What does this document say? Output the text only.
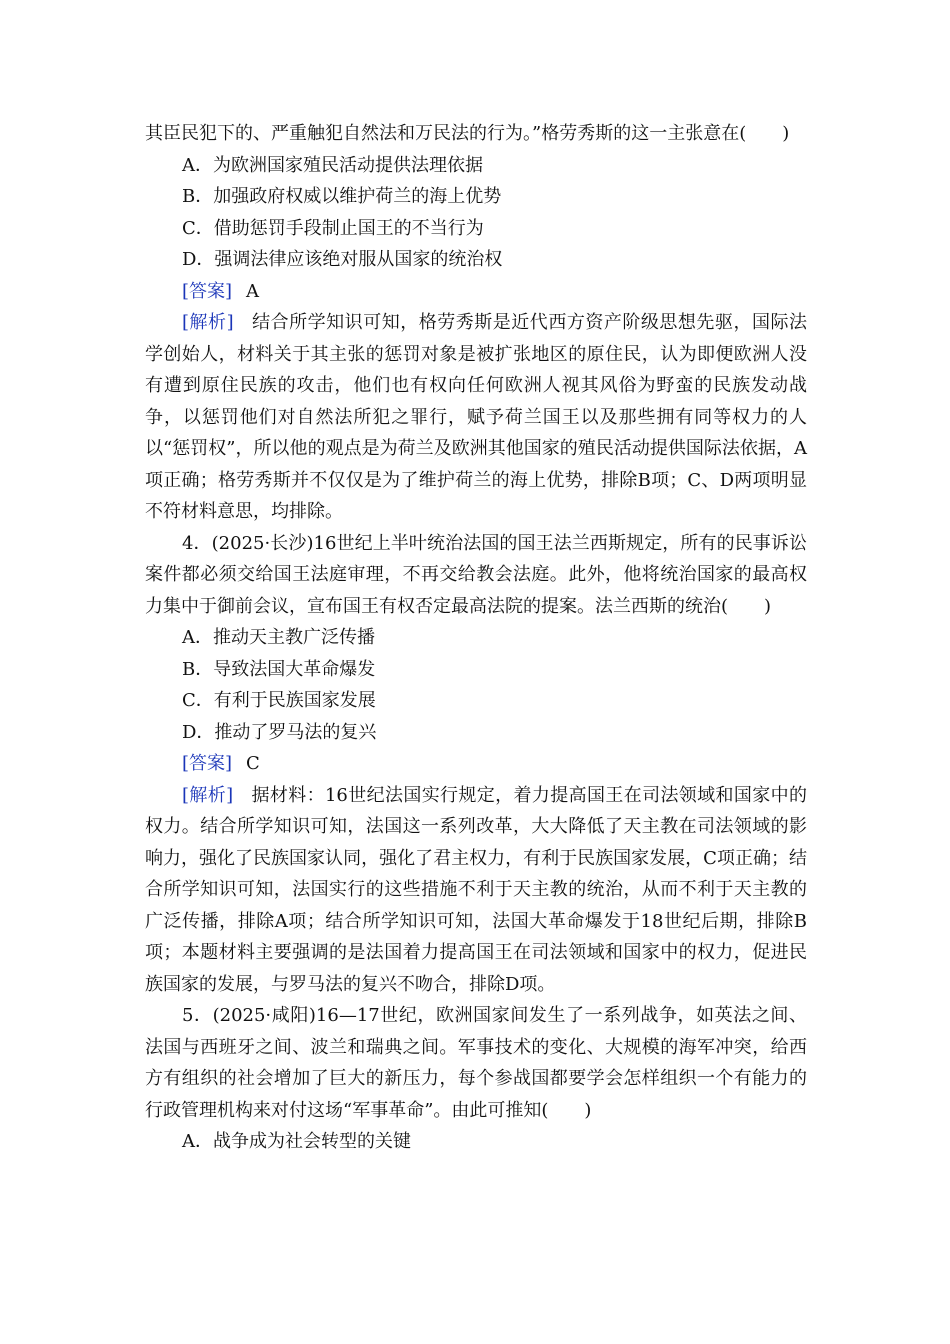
其臣民犯下的、严重触犯自然法和万民法的行为。”格劳秀斯的这一主张意在(　　)

A．为欧洲国家殖民活动提供法理依据

B．加强政府权威以维护荷兰的海上优势

C．借助惩罚手段制止国王的不当行为

D．强调法律应该绝对服从国家的统治权

[答案] A

[解析] 结合所学知识可知，格劳秀斯是近代西方资产阶级思想先驱，国际法学创始人，材料关于其主张的惩罚对象是被扩张地区的原住民，认为即便欧洲人没有遭到原住民族的攻击，他们也有权向任何欧洲人视其风俗为野蛮的民族发动战争，以惩罚他们对自然法所犯之罪行，赋予荷兰国王以及那些拥有同等权力的人以“惩罚权”，所以他的观点是为荷兰及欧洲其他国家的殖民活动提供国际法依据，A项正确；格劳秀斯并不仅仅是为了维护荷兰的海上优势，排除B项；C、D两项明显不符材料意思，均排除。

4．(2025·长沙)16世纪上半叶统治法国的国王法兰西斯规定，所有的民事诉讼案件都必须交给国王法庭审理，不再交给教会法庭。此外，他将统治国家的最高权力集中于御前会议，宣布国王有权否定最高法院的提案。法兰西斯的统治(　　)

A．推动天主教广泛传播

B．导致法国大革命爆发

C．有利于民族国家发展

D．推动了罗马法的复兴

[答案] C

[解析] 据材料：16世纪法国实行规定，着力提高国王在司法领域和国家中的权力。结合所学知识可知，法国这一系列改革，大大降低了天主教在司法领域的影响力，强化了民族国家认同，强化了君主权力，有利于民族国家发展，C项正确；结合所学知识可知，法国实行的这些措施不利于天主教的统治，从而不利于天主教的广泛传播，排除A项；结合所学知识可知，法国大革命爆发于18世纪后期，排除B项；本题材料主要强调的是法国着力提高国王在司法领域和国家中的权力，促进民族国家的发展，与罗马法的复兴不吻合，排除D项。

5．(2025·咸阳)16—17世纪，欧洲国家间发生了一系列战争，如英法之间、法国与西班牙之间、波兰和瑞典之间。军事技术的变化、大规模的海军冲突，给西方有组织的社会增加了巨大的新压力，每个参战国都要学会怎样组织一个有能力的行政管理机构来对付这场“军事革命”。由此可推知(　　)

A．战争成为社会转型的关键
